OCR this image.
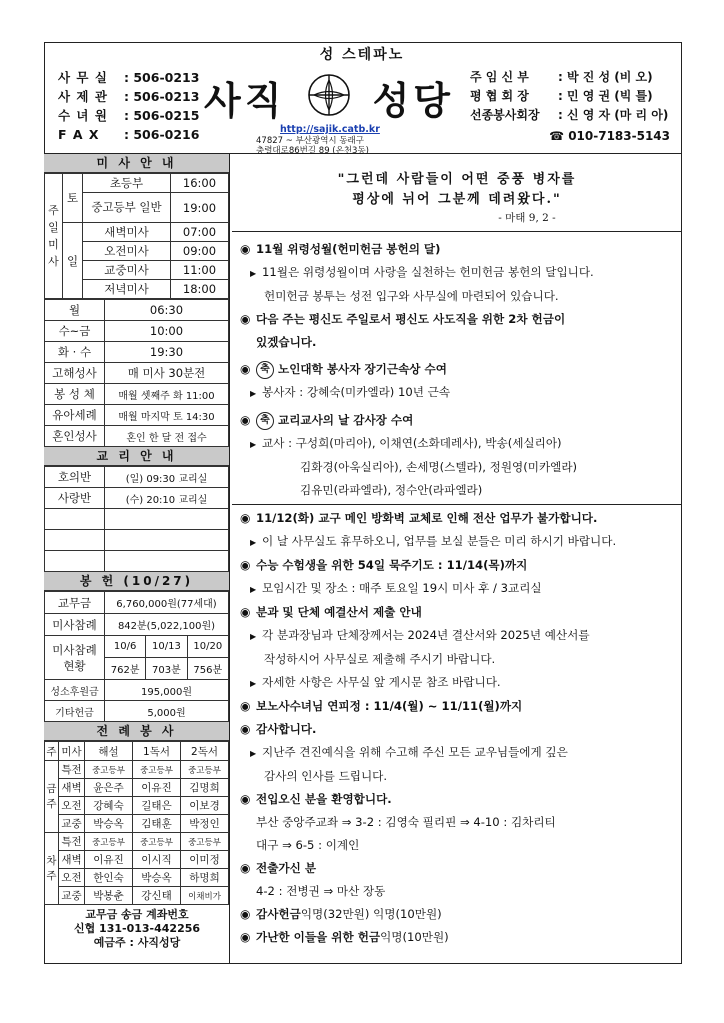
성 스테파노
사 무 실	: 506-0213
사 제 관	: 506-0213
수 녀 원	: 506-0215
F A X	: 506-0216
사직 성당
http://sajik.catb.kr
47827 ~ 부산광역시 동래구
충렬대로86번길 89 (온천3동)
주 임 신 부	: 박 진 성 (비 오)
평 협 회 장	: 민 영 권 (빅 틀)
선종봉사회장	: 신 영 자 (마 리 아)
☎ 010-7183-5143
미 사 안 내
주일미사	토	초등부	16:00
		중고등부 일반	19:00
	일	새벽미사	07:00
		오전미사	09:00
		교중미사	11:00
		저녁미사	18:00
월	06:30
수~금	10:00
화 · 수	19:30
고해성사	매 미사 30분전
봉 성 체	매월 셋째주 화 11:00
유아세례	매월 마지막 토 14:30
혼인성사	혼인 한 달 전 접수
교 리 안 내
호의반	(일) 09:30 교리실
사랑반	(수) 20:10 교리실

봉 헌 (10/27)
교무금	6,760,000원(77세대)		
미사참례	842분(5,022,100원)		
미사참례 현황	10/6	10/13	10/20
	762분	703분	756분
성소후원금	195,000원		
기타헌금	5,000원		
전 례 봉 사
주	미사	해설	1독서	2독서
금주	특전	중고등부	중고등부	중고등부
	새벽	윤은주	이유진	김명희
	오전	강혜숙	길태은	이보경
	교중	박승옥	김태훈	박정인
차주	특전	중고등부	중고등부	중고등부
	새벽	이유진	이시직	이미정
	오전	한인숙	박승옥	하명희
	교중	박봉춘	강신태	이채비가
교무금 송금 계좌번호
신협 131-013-442256
예금주 : 사직성당
"그런데 사람들이 어떤 중풍 병자를
평상에 뉘어 그분께 데려왔다."
- 마태 9, 2 -
◉ 11월 위령성월(헌미헌금 봉헌의 달)
▶ 11월은 위령성월이며 사랑을 실천하는 헌미헌금 봉헌의 달입니다.
헌미헌금 봉투는 성전 입구와 사무실에 마련되어 있습니다.
◉ 다음 주는 평신도 주일로서 평신도 사도직을 위한 2차 헌금이
있겠습니다.
◉ 축 노인대학 봉사자 장기근속상 수여
▶ 봉사자 : 강혜숙(미카엘라) 10년 근속
◉ 축 교리교사의 날 감사장 수여
▶ 교사 : 구성희(마리아), 이채연(소화데레사), 박송(세실리아)
김화경(아욱실리아), 손세명(스텔라), 정원영(미카엘라)
김유민(라파엘라), 정수안(라파엘라)
◉ 11/12(화) 교구 메인 방화벽 교체로 인해 전산 업무가 불가합니다.
▶ 이 날 사무실도 휴무하오니, 업무를 보실 분들은 미리 하시기 바랍니다.
◉ 수능 수험생을 위한 54일 묵주기도 : 11/14(목)까지
▶ 모임시간 및 장소 : 매주 토요일 19시 미사 후 / 3교리실
◉ 분과 및 단체 예결산서 제출 안내
▶ 각 분과장님과 단체장께서는 2024년 결산서와 2025년 예산서를
작성하시어 사무실로 제출해 주시기 바랍니다.
▶ 자세한 사항은 사무실 앞 게시문 참조 바랍니다.
◉ 보노사수녀님 연피정 : 11/4(월) ~ 11/11(월)까지
◉ 감사합니다.
▶ 지난주 견진예식을 위해 수고해 주신 모든 교우님들에게 깊은
감사의 인사를 드립니다.
◉ 전입오신 분을 환영합니다.
부산 중앙주교좌 ⇒ 3-2 : 김영숙 필리핀 ⇒ 4-10 : 김차리티
대구 ⇒ 6-5 : 이계인
◉ 전출가신 분
4-2 : 전병권 ⇒ 마산 장동
◉ 감사헌금 익명(32만원) 익명(10만원)
◉ 가난한 이들을 위한 헌금 익명(10만원)
